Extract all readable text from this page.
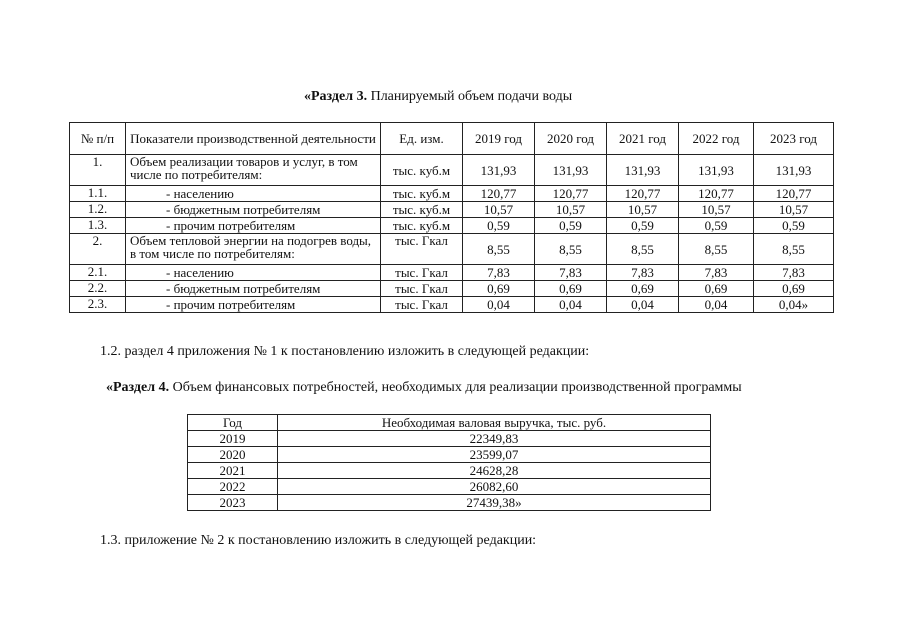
«Раздел 3. Планируемый объем подачи воды
№ п/п	Показатели производственной деятельности	Ед. изм.	2019 год	2020 год	2021 год	2022 год	2023 год
1.	Объем реализации товаров и услуг, в том числе по потребителям:	тыс. куб.м	131,93	131,93	131,93	131,93	131,93
1.1.	- населению	тыс. куб.м	120,77	120,77	120,77	120,77	120,77
1.2.	- бюджетным потребителям	тыс. куб.м	10,57	10,57	10,57	10,57	10,57
1.3.	- прочим потребителям	тыс. куб.м	0,59	0,59	0,59	0,59	0,59
2.	Объем тепловой энергии на подогрев воды, в том числе по потребителям:	тыс. Гкал	8,55	8,55	8,55	8,55	8,55
2.1.	- населению	тыс. Гкал	7,83	7,83	7,83	7,83	7,83
2.2.	- бюджетным потребителям	тыс. Гкал	0,69	0,69	0,69	0,69	0,69
2.3.	- прочим потребителям	тыс. Гкал	0,04	0,04	0,04	0,04	0,04»
1.2. раздел 4 приложения № 1 к постановлению изложить в следующей редакции:
«Раздел 4. Объем финансовых потребностей, необходимых для реализации производственной программы
Год	Необходимая валовая выручка, тыс. руб.
2019	22349,83
2020	23599,07
2021	24628,28
2022	26082,60
2023	27439,38»
1.3. приложение № 2 к постановлению изложить в следующей редакции:
